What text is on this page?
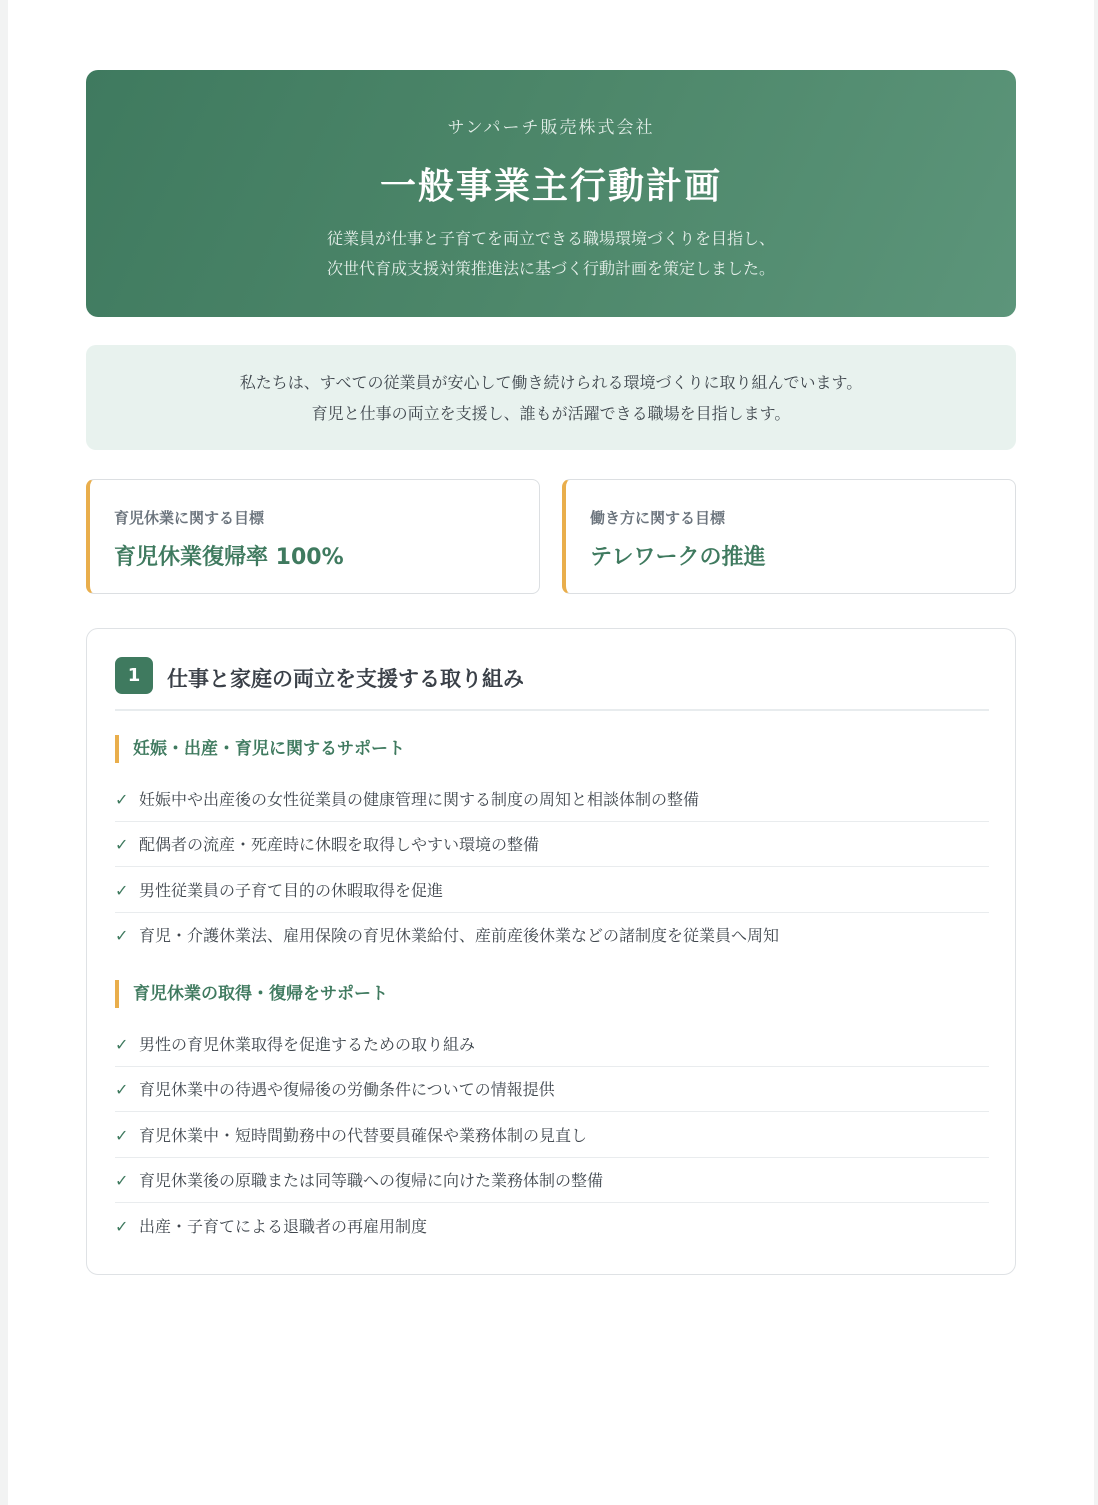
サンパーチ販売株式会社
一般事業主行動計画
従業員が仕事と子育てを両立できる職場環境づくりを目指し、
次世代育成支援対策推進法に基づく行動計画を策定しました。
私たちは、すべての従業員が安心して働き続けられる環境づくりに取り組んでいます。
育児と仕事の両立を支援し、誰もが活躍できる職場を目指します。
育児休業に関する目標
育児休業復帰率 100%
働き方に関する目標
テレワークの推進
1	仕事と家庭の両立を支援する取り組み
妊娠・出産・育児に関するサポート
✓ 妊娠中や出産後の女性従業員の健康管理に関する制度の周知と相談体制の整備
✓ 配偶者の流産・死産時に休暇を取得しやすい環境の整備
✓ 男性従業員の子育て目的の休暇取得を促進
✓ 育児・介護休業法、雇用保険の育児休業給付、産前産後休業などの諸制度を従業員へ周知
育児休業の取得・復帰をサポート
✓ 男性の育児休業取得を促進するための取り組み
✓ 育児休業中の待遇や復帰後の労働条件についての情報提供
✓ 育児休業中・短時間勤務中の代替要員確保や業務体制の見直し
✓ 育児休業後の原職または同等職への復帰に向けた業務体制の整備
✓ 出産・子育てによる退職者の再雇用制度
